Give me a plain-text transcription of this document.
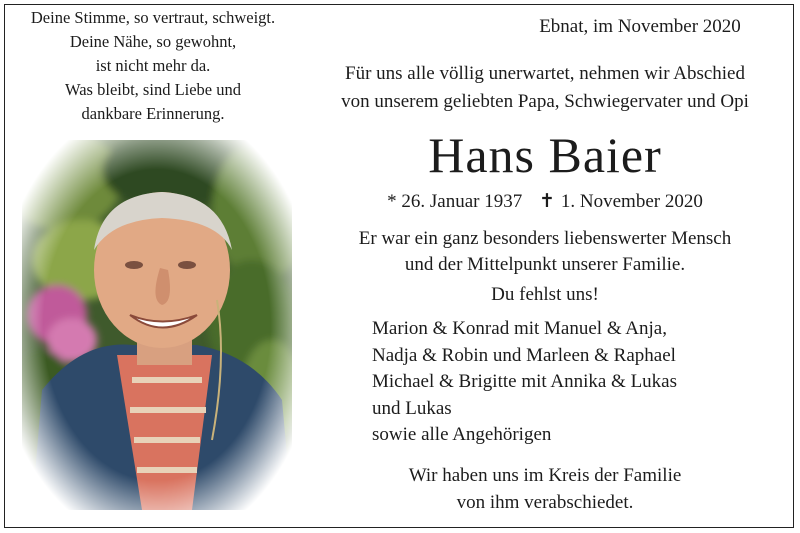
Deine Stimme, so vertraut, schweigt.
Deine Nähe, so gewohnt,
ist nicht mehr da.
Was bleibt, sind Liebe und
dankbare Erinnerung.
Ebnat, im November 2020
Für uns alle völlig unerwartet, nehmen wir Abschied
von unserem geliebten Papa, Schwiegervater und Opi
Hans Baier
* 26. Januar 1937 ✝ 1. November 2020
Er war ein ganz besonders liebenswerter Mensch
und der Mittelpunkt unserer Familie.
Du fehlst uns!
Marion & Konrad mit Manuel & Anja,
Nadja & Robin und Marleen & Raphael
Michael & Brigitte mit Annika & Lukas
und Lukas
sowie alle Angehörigen
Wir haben uns im Kreis der Familie
von ihm verabschiedet.
